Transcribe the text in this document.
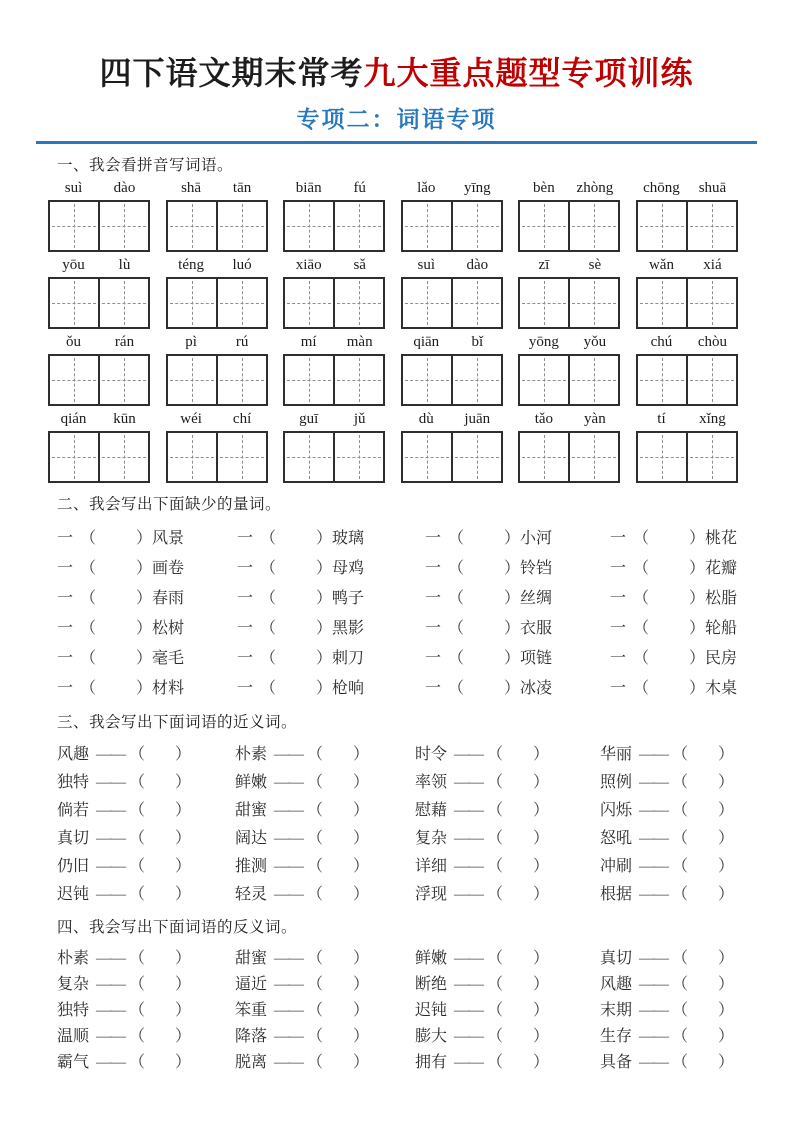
四下语文期末常考九大重点题型专项训练
专项二：词语专项
一、我会看拼音写词语。
suì	dào	shā	tān	biān	fú	lǎo	yīng	bèn	zhòng	chōng	shuā
yōu	lù	téng	luó	xiāo	sǎ	suì	dào	zī	sè	wǎn	xiá
ǒu	rán	pì	rú	mí	màn	qiān	bǐ	yōng	yǒu	chú	chòu
qián	kūn	wéi	chí	guī	jǔ	dù	juān	tǎo	yàn	tí	xǐng
二、我会写出下面缺少的量词。
一 （	）风景	一 （	）玻璃	一 （	）小河	一 （	）桃花
一 （	）画卷	一 （	）母鸡	一 （	）铃铛	一 （	）花瓣
一 （	）春雨	一 （	）鸭子	一 （	）丝绸	一 （	）松脂
一 （	）松树	一 （	）黑影	一 （	）衣服	一 （	）轮船
一 （	）毫毛	一 （	）刺刀	一 （	）项链	一 （	）民房
一 （	）材料	一 （	）枪响	一 （	）冰凌	一 （	）木桌
三、我会写出下面词语的近义词。
风趣 —— （ ）	朴素 —— （ ）	时令 —— （ ）	华丽 —— （ ）
独特 —— （ ）	鲜嫩 —— （ ）	率领 —— （ ）	照例 —— （ ）
倘若 —— （ ）	甜蜜 —— （ ）	慰藉 —— （ ）	闪烁 —— （ ）
真切 —— （ ）	阔达 —— （ ）	复杂 —— （ ）	怒吼 —— （ ）
仍旧 —— （ ）	推测 —— （ ）	详细 —— （ ）	冲刷 —— （ ）
迟钝 —— （ ）	轻灵 —— （ ）	浮现 —— （ ）	根据 —— （ ）
四、我会写出下面词语的反义词。
朴素 —— （ ）	甜蜜 —— （ ）	鲜嫩 —— （ ）	真切 —— （ ）
复杂 —— （ ）	逼近 —— （ ）	断绝 —— （ ）	风趣 —— （ ）
独特 —— （ ）	笨重 —— （ ）	迟钝 —— （ ）	末期 —— （ ）
温顺 —— （ ）	降落 —— （ ）	膨大 —— （ ）	生存 —— （ ）
霸气 —— （ ）	脱离 —— （ ）	拥有 —— （ ）	具备 —— （ ）
